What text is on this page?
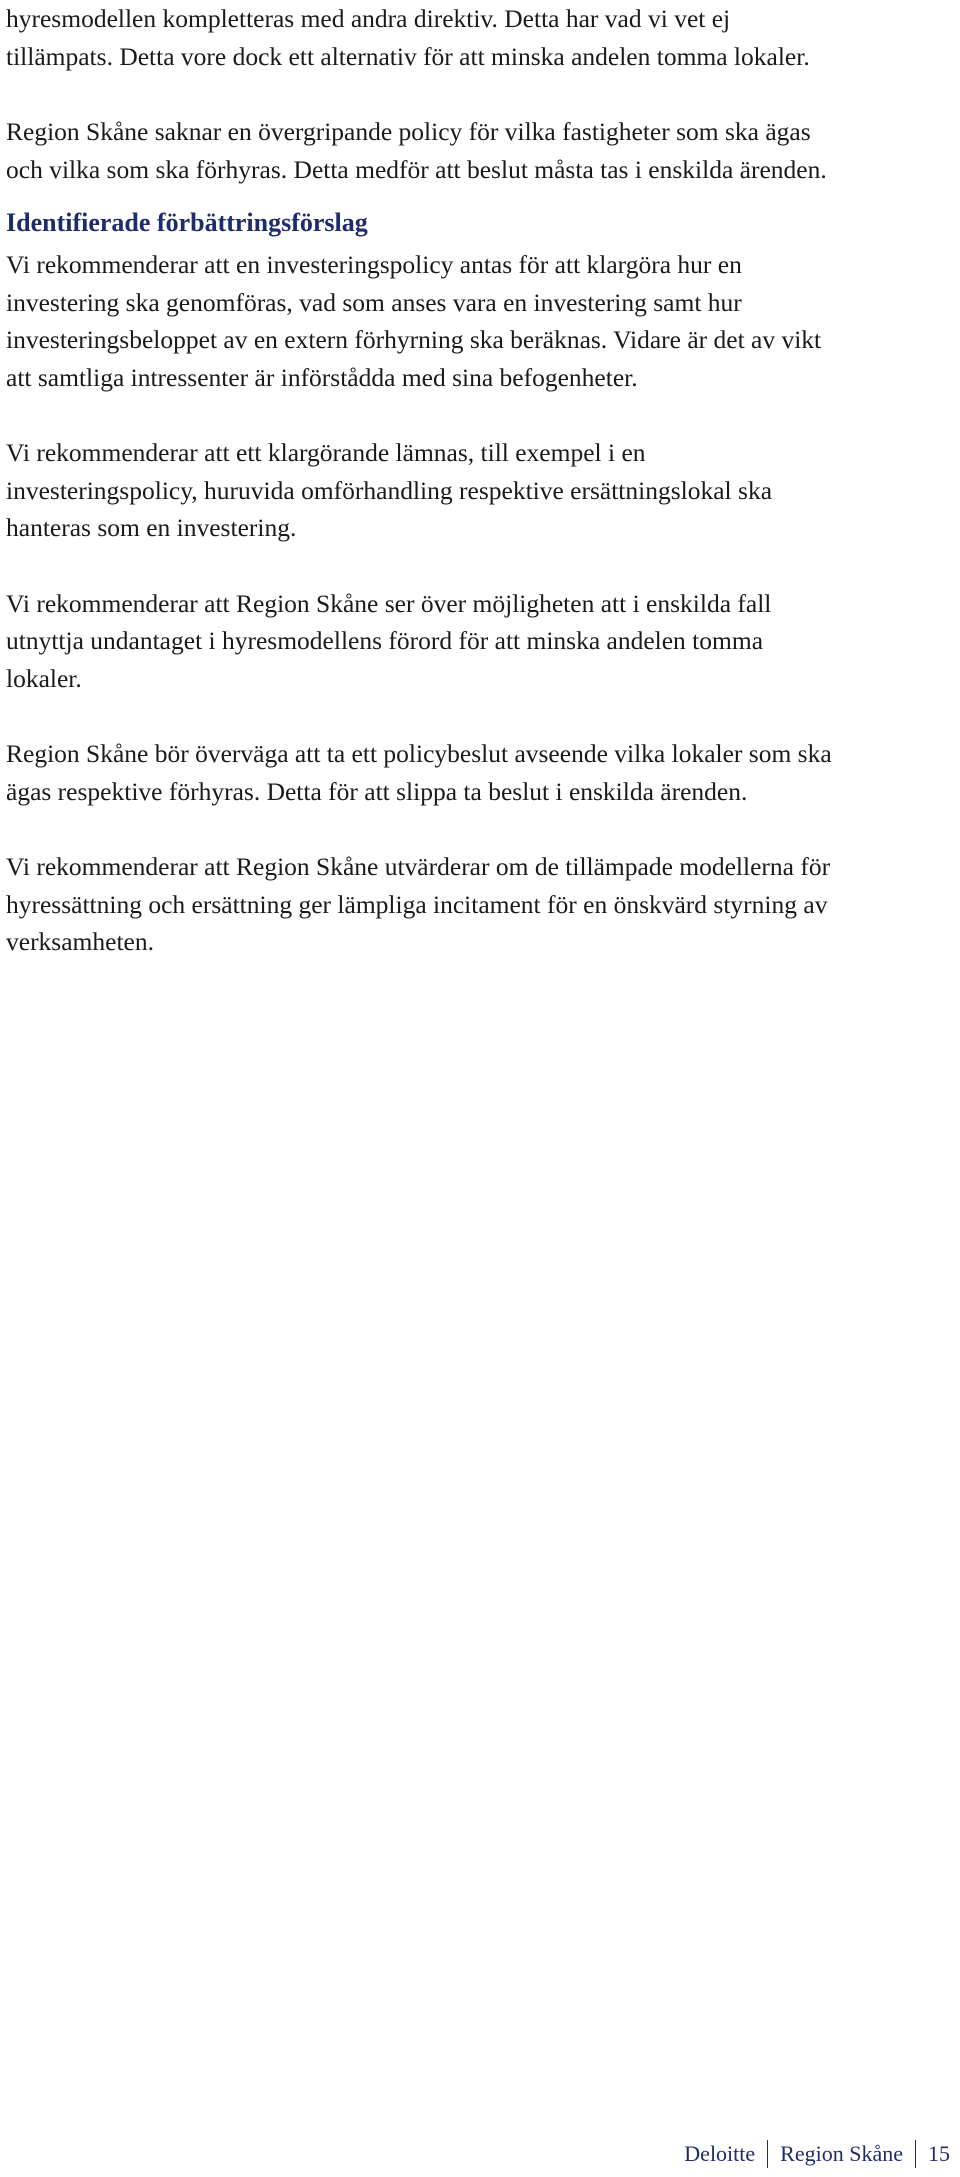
hyresmodellen kompletteras med andra direktiv. Detta har vad vi vet ej
tillämpats. Detta vore dock ett alternativ för att minska andelen tomma lokaler.

Region Skåne saknar en övergripande policy för vilka fastigheter som ska ägas
och vilka som ska förhyras. Detta medför att beslut måsta tas i enskilda ärenden.

Identifierade förbättringsförslag

Vi rekommenderar att en investeringspolicy antas för att klargöra hur en
investering ska genomföras, vad som anses vara en investering samt hur
investeringsbeloppet av en extern förhyrning ska beräknas. Vidare är det av vikt
att samtliga intressenter är införstådda med sina befogenheter.

Vi rekommenderar att ett klargörande lämnas, till exempel i en
investeringspolicy, huruvida omförhandling respektive ersättningslokal ska
hanteras som en investering.

Vi rekommenderar att Region Skåne ser över möjligheten att i enskilda fall
utnyttja undantaget i hyresmodellens förord för att minska andelen tomma
lokaler.

Region Skåne bör överväga att ta ett policybeslut avseende vilka lokaler som ska
ägas respektive förhyras. Detta för att slippa ta beslut i enskilda ärenden.

Vi rekommenderar att Region Skåne utvärderar om de tillämpade modellerna för
hyressättning och ersättning ger lämpliga incitament för en önskvärd styrning av
verksamheten.

Deloitte Region Skåne 15
